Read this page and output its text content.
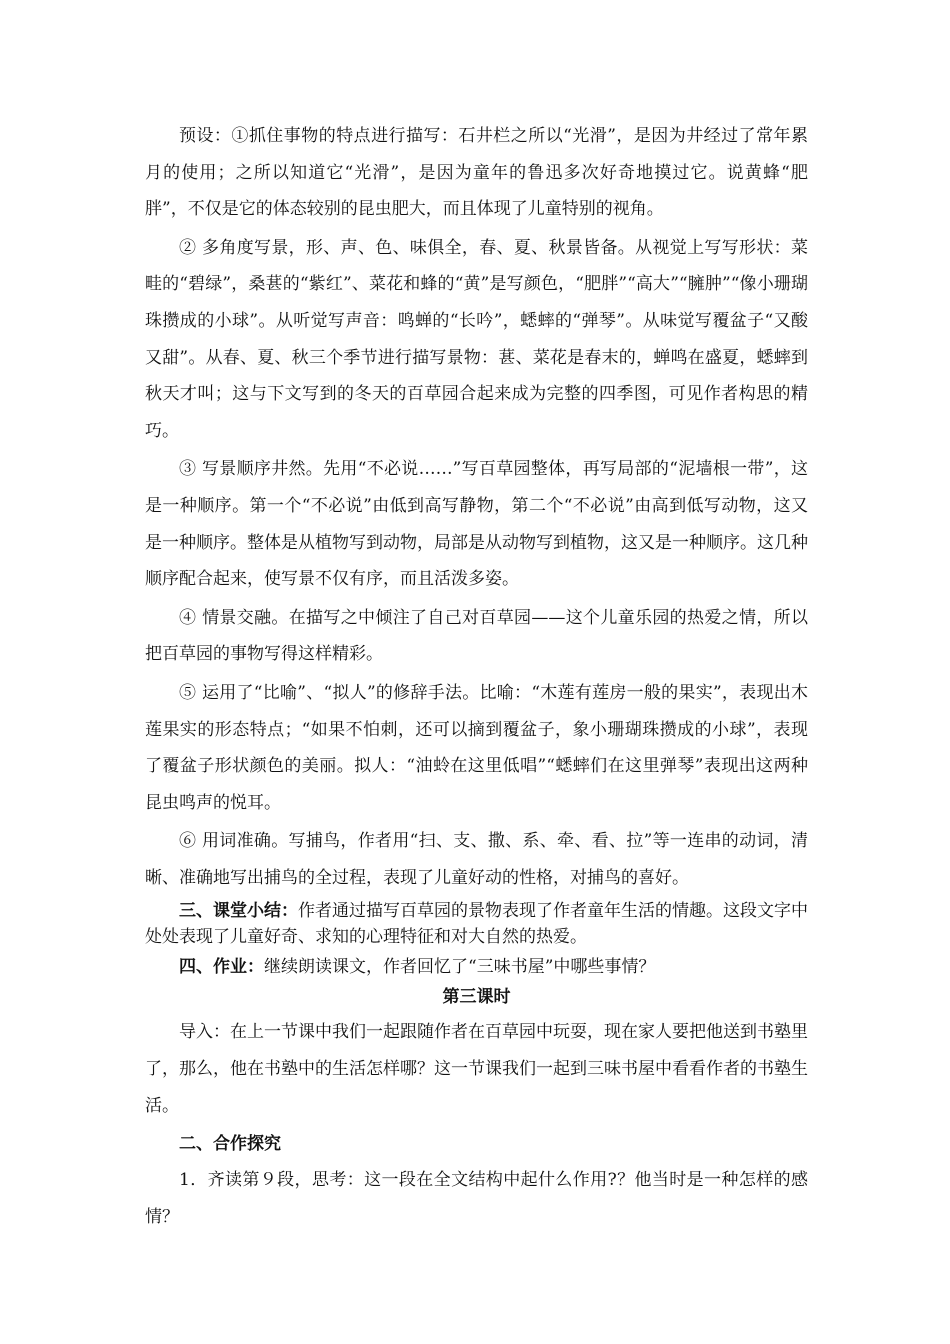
预设：①抓住事物的特点进行描写：石井栏之所以“光滑”，是因为井经过了常年累月的使用；之所以知道它“光滑”，是因为童年的鲁迅多次好奇地摸过它。说黄蜂“肥胖”，不仅是它的体态较别的昆虫肥大，而且体现了儿童特别的视角。

② 多角度写景，形、声、色、味俱全，春、夏、秋景皆备。从视觉上写写形状：菜畦的“碧绿”，桑葚的“紫红”、菜花和蜂的“黄”是写颜色，“肥胖”“高大”“臃肿”“像小珊瑚珠攒成的小球”。从听觉写声音：鸣蝉的“长吟”，蟋蟀的“弹琴”。从味觉写覆盆子“又酸又甜”。从春、夏、秋三个季节进行描写景物：葚、菜花是春末的，蝉鸣在盛夏，蟋蟀到秋天才叫；这与下文写到的冬天的百草园合起来成为完整的四季图，可见作者构思的精巧。

③ 写景顺序井然。先用“不必说……”写百草园整体，再写局部的“泥墙根一带”，这是一种顺序。第一个“不必说”由低到高写静物，第二个“不必说”由高到低写动物，这又是一种顺序。整体是从植物写到动物，局部是从动物写到植物，这又是一种顺序。这几种顺序配合起来，使写景不仅有序，而且活泼多姿。

④ 情景交融。在描写之中倾注了自己对百草园——这个儿童乐园的热爱之情，所以把百草园的事物写得这样精彩。

⑤ 运用了“比喻”、“拟人”的修辞手法。比喻：“木莲有莲房一般的果实”，表现出木莲果实的形态特点；“如果不怕刺，还可以摘到覆盆子，象小珊瑚珠攒成的小球”，表现了覆盆子形状颜色的美丽。拟人：“油蛉在这里低唱”“蟋蟀们在这里弹琴”表现出这两种昆虫鸣声的悦耳。

⑥ 用词准确。写捕鸟，作者用“扫、支、撒、系、牵、看、拉”等一连串的动词，清晰、准确地写出捕鸟的全过程，表现了儿童好动的性格，对捕鸟的喜好。

三、课堂小结：作者通过描写百草园的景物表现了作者童年生活的情趣。这段文字中处处表现了儿童好奇、求知的心理特征和对大自然的热爱。

四、作业：继续朗读课文，作者回忆了“三味书屋”中哪些事情？

第三课时

导入：在上一节课中我们一起跟随作者在百草园中玩耍，现在家人要把他送到书塾里了，那么，他在书塾中的生活怎样哪？这一节课我们一起到三味书屋中看看作者的书塾生活。

二、合作探究

1．齐读第９段，思考：这一段在全文结构中起什么作用?？他当时是一种怎样的感情？
